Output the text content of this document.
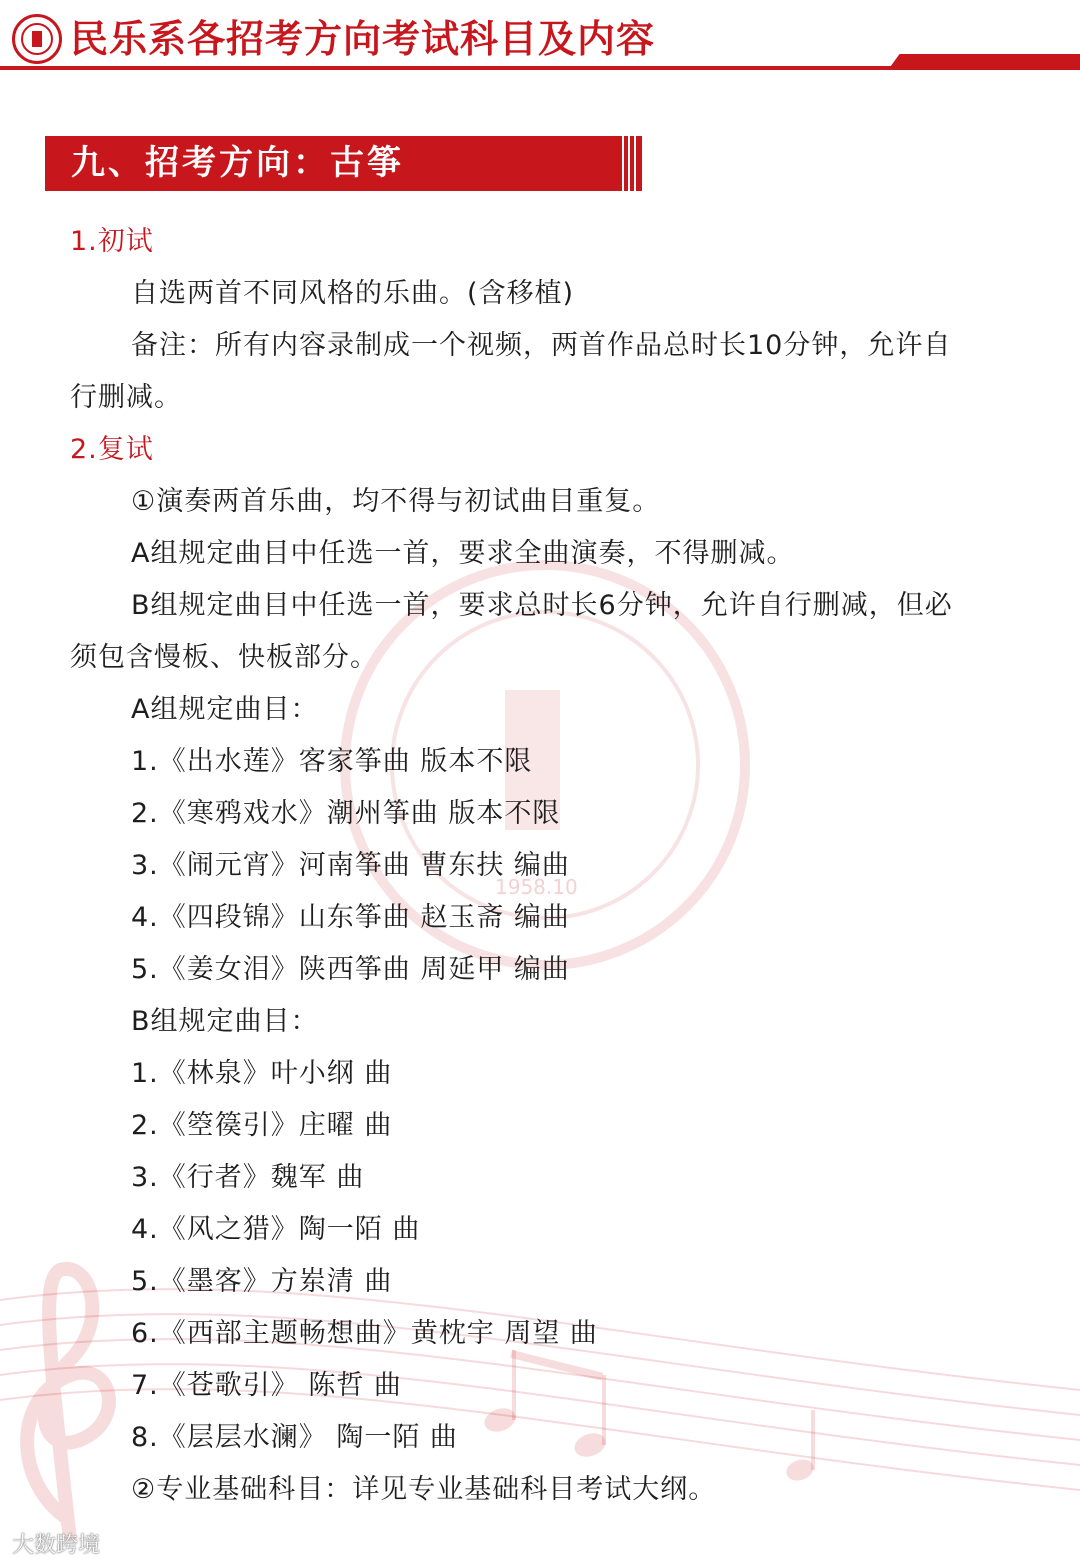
民乐系各招考方向考试科目及内容
1958.10
九、招考方向：古筝
1.初试
自选两首不同风格的乐曲。(含移植)
备注：所有内容录制成一个视频，两首作品总时长10分钟，允许自
行删减。
2.复试
①演奏两首乐曲，均不得与初试曲目重复。
A组规定曲目中任选一首，要求全曲演奏，不得删减。
B组规定曲目中任选一首，要求总时长6分钟，允许自行删减，但必
须包含慢板、快板部分。
A组规定曲目：
1.《出水莲》客家筝曲 版本不限
2.《寒鸦戏水》潮州筝曲 版本不限
3.《闹元宵》河南筝曲 曹东扶 编曲
4.《四段锦》山东筝曲 赵玉斋 编曲
5.《姜女泪》陕西筝曲 周延甲 编曲
B组规定曲目：
1.《林泉》叶小纲 曲
2.《箜篌引》庄曜 曲
3.《行者》魏军 曲
4.《风之猎》陶一陌 曲
5.《墨客》方岽清 曲
6.《西部主题畅想曲》黄枕宇 周望 曲
7.《苍歌引》 陈哲 曲
8.《层层水澜》 陶一陌 曲
②专业基础科目：详见专业基础科目考试大纲。
大数跨境
